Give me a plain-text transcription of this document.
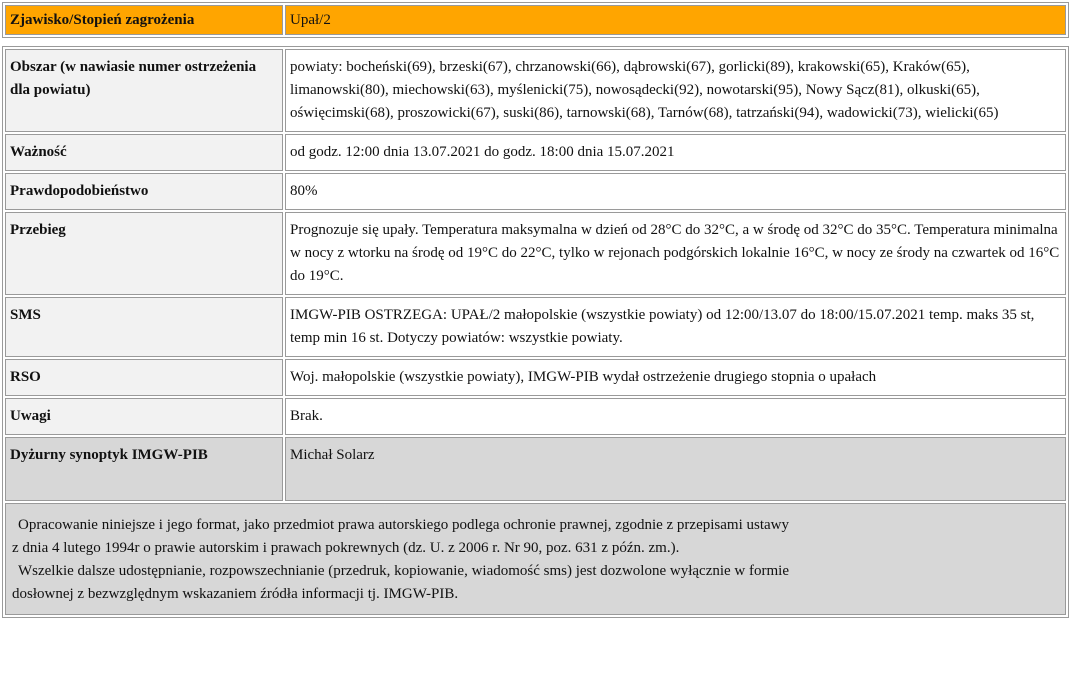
Zjawisko/Stopień zagrożenia	Upał/2
Obszar (w nawiasie numer ostrzeżenia dla powiatu)	powiaty: bocheński(69), brzeski(67), chrzanowski(66), dąbrowski(67), gorlicki(89), krakowski(65), Kraków(65), limanowski(80), miechowski(63), myślenicki(75), nowosądecki(92), nowotarski(95), Nowy Sącz(81), olkuski(65), oświęcimski(68), proszowicki(67), suski(86), tarnowski(68), Tarnów(68), tatrzański(94), wadowicki(73), wielicki(65)
Ważność	od godz. 12:00 dnia 13.07.2021 do godz. 18:00 dnia 15.07.2021
Prawdopodobieństwo	80%
Przebieg	Prognozuje się upały. Temperatura maksymalna w dzień od 28°C do 32°C, a w środę od 32°C do 35°C. Temperatura minimalna w nocy z wtorku na środę od 19°C do 22°C, tylko w rejonach podgórskich lokalnie 16°C, w nocy ze środy na czwartek od 16°C do 19°C.
SMS	IMGW-PIB OSTRZEGA: UPAŁ/2 małopolskie (wszystkie powiaty) od 12:00/13.07 do 18:00/15.07.2021 temp. maks 35 st, temp min 16 st. Dotyczy powiatów: wszystkie powiaty.
RSO	Woj. małopolskie (wszystkie powiaty), IMGW-PIB wydał ostrzeżenie drugiego stopnia o upałach
Uwagi	Brak.
Dyżurny synoptyk IMGW-PIB	Michał Solarz

Opracowanie niniejsze i jego format, jako przedmiot prawa autorskiego podlega ochronie prawnej, zgodnie z przepisami ustawy
z dnia 4 lutego 1994r o prawie autorskim i prawach pokrewnych (dz. U. z 2006 r. Nr 90, poz. 631 z późn. zm.).
Wszelkie dalsze udostępnianie, rozpowszechnianie (przedruk, kopiowanie, wiadomość sms) jest dozwolone wyłącznie w formie
dosłownej z bezwzględnym wskazaniem źródła informacji tj. IMGW-PIB.	
